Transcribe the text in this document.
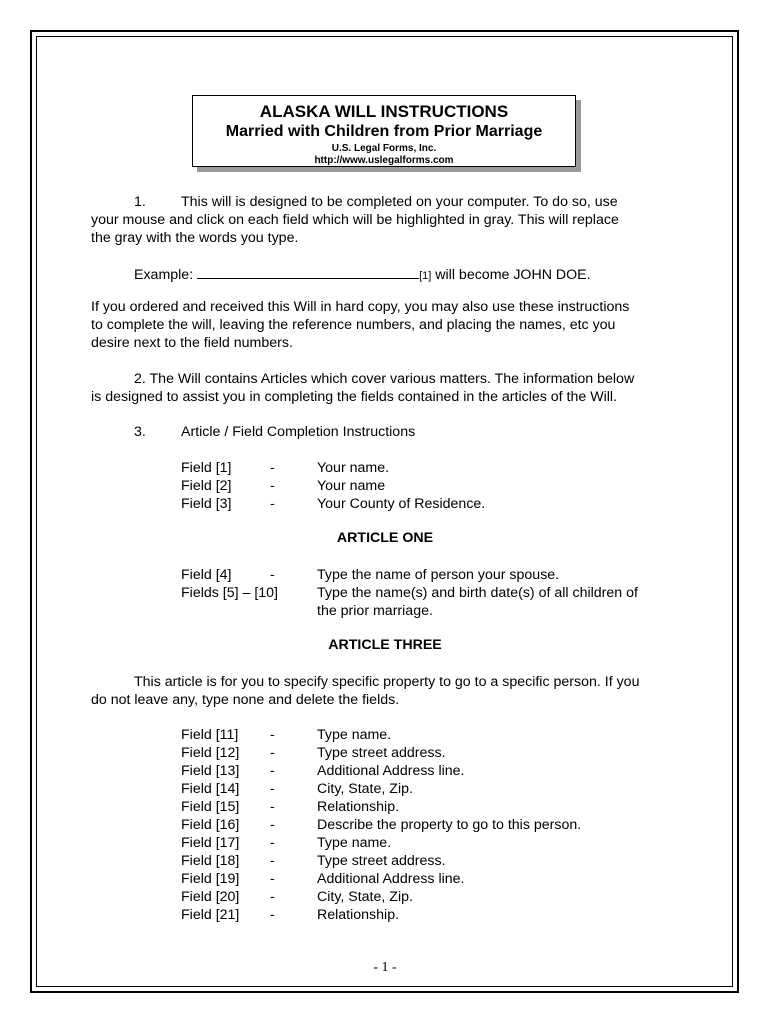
ALASKA WILL INSTRUCTIONS
Married with Children from Prior Marriage
U.S. Legal Forms, Inc.
http://www.uslegalforms.com
1. This will is designed to be completed on your computer. To do so, use
your mouse and click on each field which will be highlighted in gray. This will replace
the gray with the words you type.
Example:	[1] will become JOHN DOE.
If you ordered and received this Will in hard copy, you may also use these instructions
to complete the will, leaving the reference numbers, and placing the names, etc you
desire next to the field numbers.
2. The Will contains Articles which cover various matters. The information below
is designed to assist you in completing the fields contained in the articles of the Will.
3. Article / Field Completion Instructions
Field [1]	-	Your name.
Field [2]	-	Your name
Field [3]	-	Your County of Residence.
ARTICLE ONE
Field [4]	-	Type the name of person your spouse.
Fields [5] – [10]	Type the name(s) and birth date(s) of all children of
the prior marriage.
ARTICLE THREE
This article is for you to specify specific property to go to a specific person. If you
do not leave any, type none and delete the fields.
Field [11] -	Type name.
Field [12] -	Type street address.
Field [13] -	Additional Address line.
Field [14] -	City, State, Zip.
Field [15] -	Relationship.
Field [16] -	Describe the property to go to this person.
Field [17] -	Type name.
Field [18] -	Type street address.
Field [19] -	Additional Address line.
Field [20] -	City, State, Zip.
Field [21] -	Relationship.
- 1 -
